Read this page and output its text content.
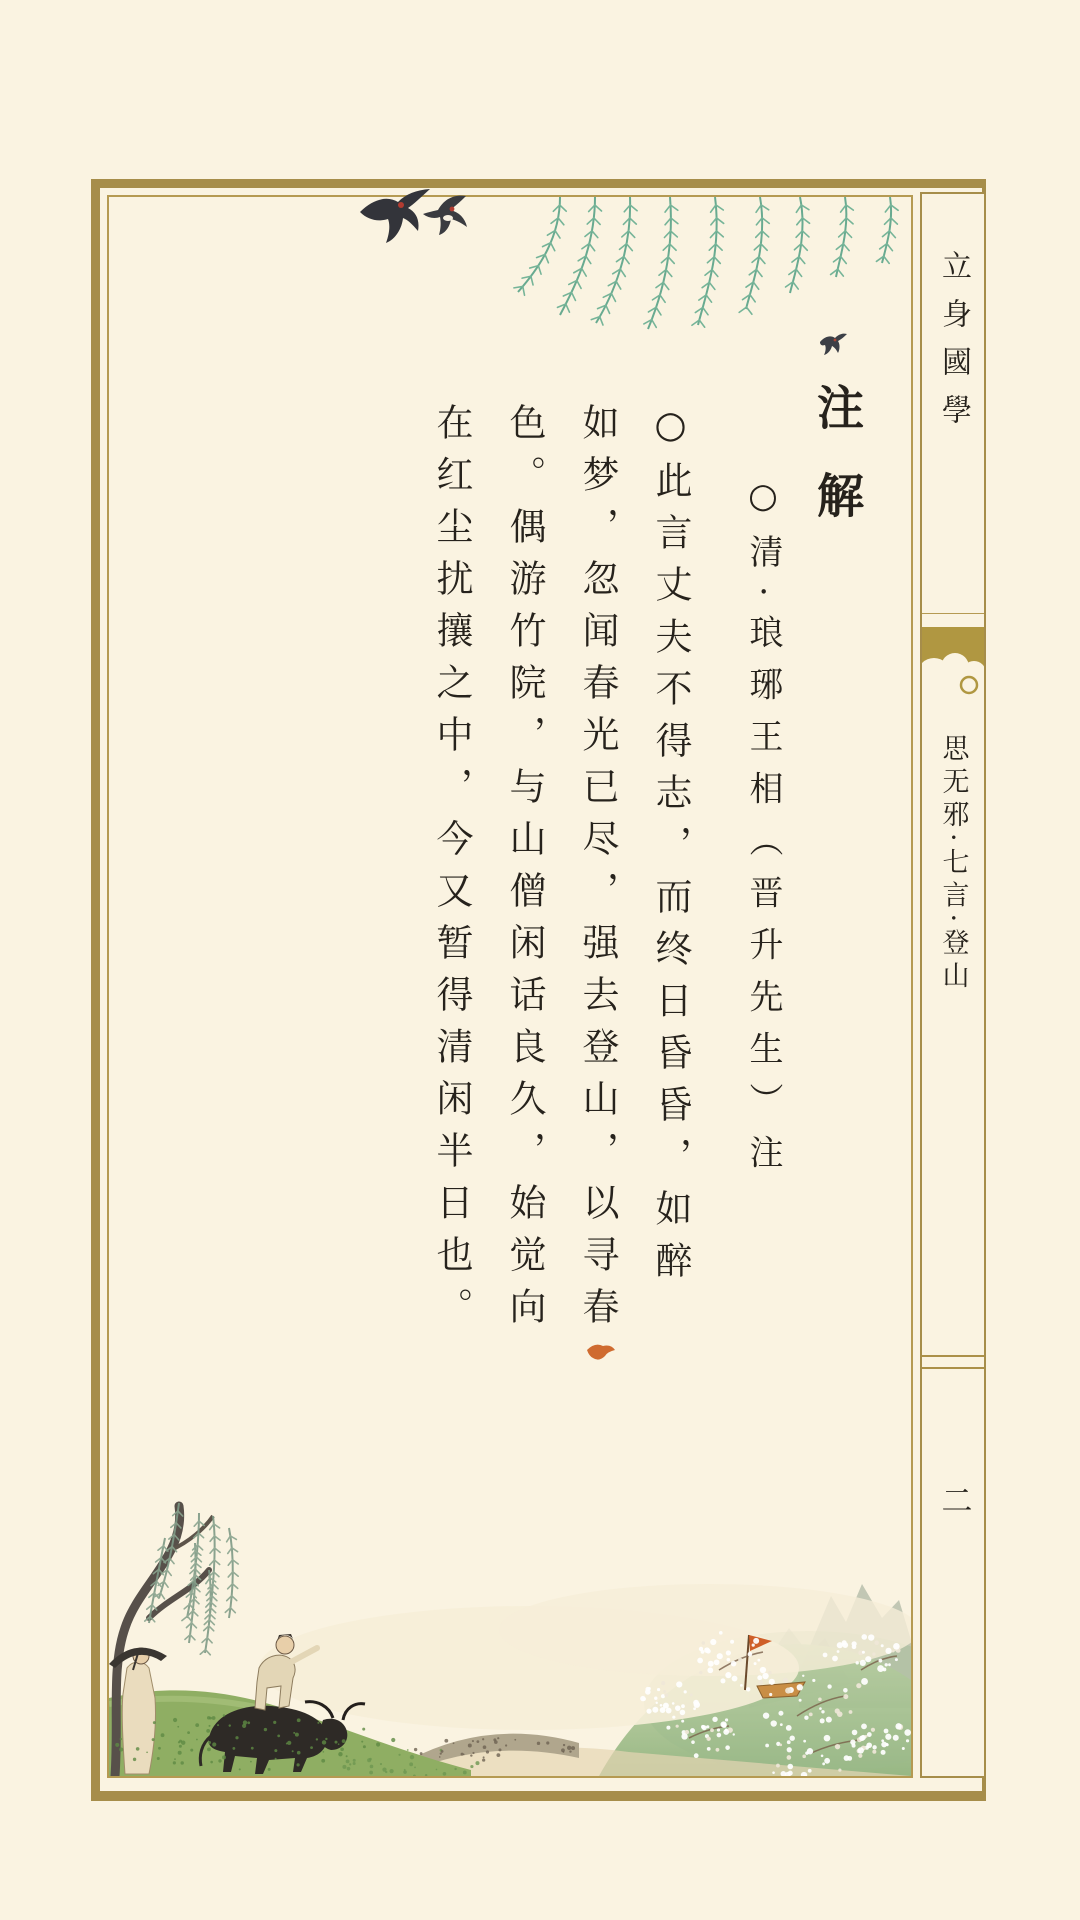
注解
○清·琅琊王相（晋升先生）注
○此言丈夫不得志，而终日昏昏，如醉
如梦，忽闻春光已尽，强去登山，以寻春
色。偶游竹院，与山僧闲话良久，始觉向
在红尘扰攘之中，今又暂得清闲半日也。
立身國學
思无邪·七言·登山
二
